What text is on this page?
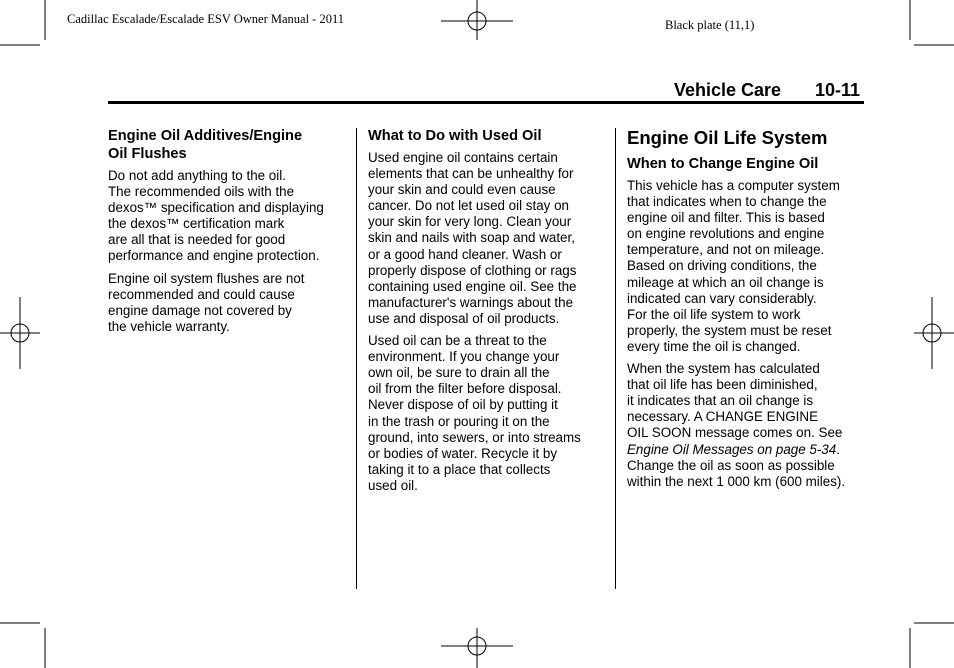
Cadillac Escalade/Escalade ESV Owner Manual - 2011	Black plate (11,1)
Vehicle Care 10-11
Engine Oil Additives/Engine
Oil Flushes

Do not add anything to the oil.
The recommended oils with the
dexos™ specification and displaying
the dexos™ certification mark
are all that is needed for good
performance and engine protection.

Engine oil system flushes are not
recommended and could cause
engine damage not covered by
the vehicle warranty.

What to Do with Used Oil

Used engine oil contains certain
elements that can be unhealthy for
your skin and could even cause
cancer. Do not let used oil stay on
your skin for very long. Clean your
skin and nails with soap and water,
or a good hand cleaner. Wash or
properly dispose of clothing or rags
containing used engine oil. See the
manufacturer's warnings about the
use and disposal of oil products.

Used oil can be a threat to the
environment. If you change your
own oil, be sure to drain all the
oil from the filter before disposal.
Never dispose of oil by putting it
in the trash or pouring it on the
ground, into sewers, or into streams
or bodies of water. Recycle it by
taking it to a place that collects
used oil.

Engine Oil Life System
When to Change Engine Oil

This vehicle has a computer system
that indicates when to change the
engine oil and filter. This is based
on engine revolutions and engine
temperature, and not on mileage.
Based on driving conditions, the
mileage at which an oil change is
indicated can vary considerably.
For the oil life system to work
properly, the system must be reset
every time the oil is changed.

When the system has calculated
that oil life has been diminished,
it indicates that an oil change is
necessary. A CHANGE ENGINE
OIL SOON message comes on. See
Engine Oil Messages on page 5-34.
Change the oil as soon as possible
within the next 1 000 km (600 miles).
